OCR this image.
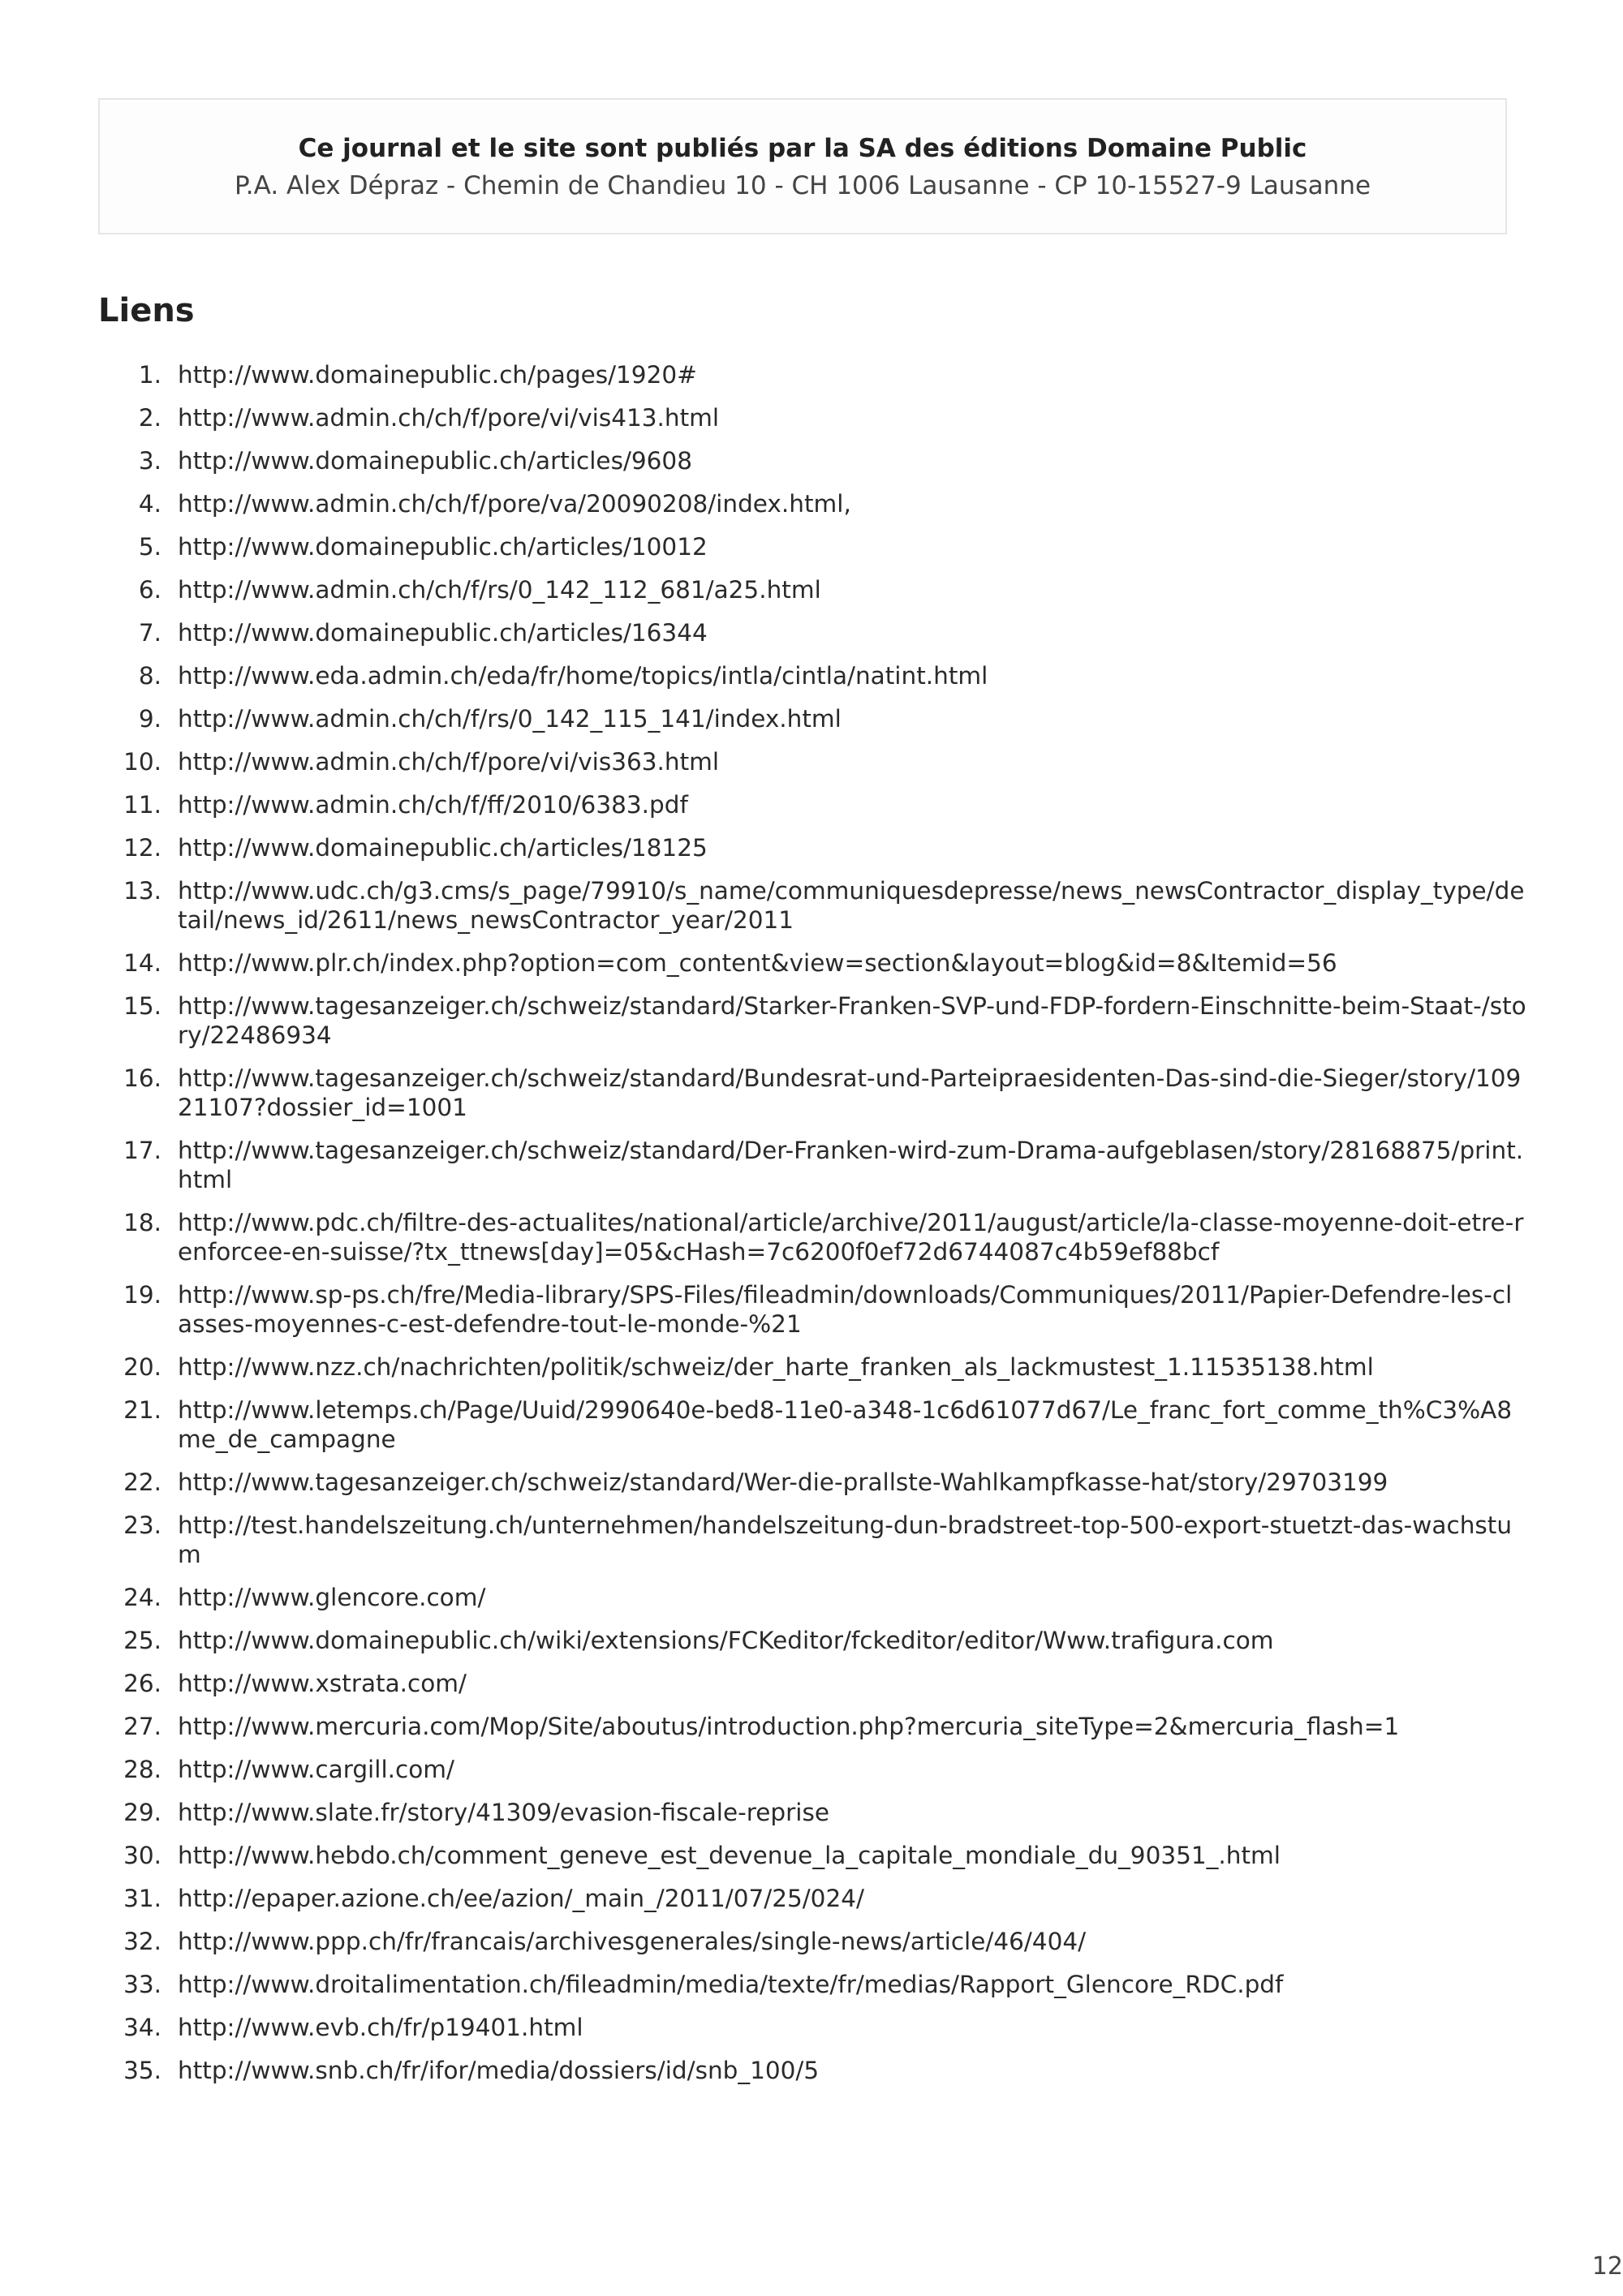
Ce journal et le site sont publiés par la SA des éditions Domaine Public
P.A. Alex Dépraz - Chemin de Chandieu 10 - CH 1006 Lausanne - CP 10-15527-9 Lausanne
Liens
1. http://www.domainepublic.ch/pages/1920#
2. http://www.admin.ch/ch/f/pore/vi/vis413.html
3. http://www.domainepublic.ch/articles/9608
4. http://www.admin.ch/ch/f/pore/va/20090208/index.html,
5. http://www.domainepublic.ch/articles/10012
6. http://www.admin.ch/ch/f/rs/0_142_112_681/a25.html
7. http://www.domainepublic.ch/articles/16344
8. http://www.eda.admin.ch/eda/fr/home/topics/intla/cintla/natint.html
9. http://www.admin.ch/ch/f/rs/0_142_115_141/index.html
10. http://www.admin.ch/ch/f/pore/vi/vis363.html
11. http://www.admin.ch/ch/f/ff/2010/6383.pdf
12. http://www.domainepublic.ch/articles/18125
13. http://www.udc.ch/g3.cms/s_page/79910/s_name/communiquesdepresse/news_newsContractor_display_type/detail/news_id/2611/news_newsContractor_year/2011
14. http://www.plr.ch/index.php?option=com_content&view=section&layout=blog&id=8&Itemid=56
15. http://www.tagesanzeiger.ch/schweiz/standard/Starker-Franken-SVP-und-FDP-fordern-Einschnitte-beim-Staat-/story/22486934
16. http://www.tagesanzeiger.ch/schweiz/standard/Bundesrat-und-Parteipraesidenten-Das-sind-die-Sieger/story/10921107?dossier_id=1001
17. http://www.tagesanzeiger.ch/schweiz/standard/Der-Franken-wird-zum-Drama-aufgeblasen/story/28168875/print.html
18. http://www.pdc.ch/filtre-des-actualites/national/article/archive/2011/august/article/la-classe-moyenne-doit-etre-renforcee-en-suisse/?tx_ttnews[day]=05&cHash=7c6200f0ef72d6744087c4b59ef88bcf
19. http://www.sp-ps.ch/fre/Media-library/SPS-Files/fileadmin/downloads/Communiques/2011/Papier-Defendre-les-classes-moyennes-c-est-defendre-tout-le-monde-%21
20. http://www.nzz.ch/nachrichten/politik/schweiz/der_harte_franken_als_lackmustest_1.11535138.html
21. http://www.letemps.ch/Page/Uuid/2990640e-bed8-11e0-a348-1c6d61077d67/Le_franc_fort_comme_th%C3%A8me_de_campagne
22. http://www.tagesanzeiger.ch/schweiz/standard/Wer-die-prallste-Wahlkampfkasse-hat/story/29703199
23. http://test.handelszeitung.ch/unternehmen/handelszeitung-dun-bradstreet-top-500-export-stuetzt-das-wachstum
24. http://www.glencore.com/
25. http://www.domainepublic.ch/wiki/extensions/FCKeditor/fckeditor/editor/Www.trafigura.com
26. http://www.xstrata.com/
27. http://www.mercuria.com/Mop/Site/aboutus/introduction.php?mercuria_siteType=2&mercuria_flash=1
28. http://www.cargill.com/
29. http://www.slate.fr/story/41309/evasion-fiscale-reprise
30. http://www.hebdo.ch/comment_geneve_est_devenue_la_capitale_mondiale_du_90351_.html
31. http://epaper.azione.ch/ee/azion/_main_/2011/07/25/024/
32. http://www.ppp.ch/fr/francais/archivesgenerales/single-news/article/46/404/
33. http://www.droitalimentation.ch/fileadmin/media/texte/fr/medias/Rapport_Glencore_RDC.pdf
34. http://www.evb.ch/fr/p19401.html
35. http://www.snb.ch/fr/ifor/media/dossiers/id/snb_100/5
12
